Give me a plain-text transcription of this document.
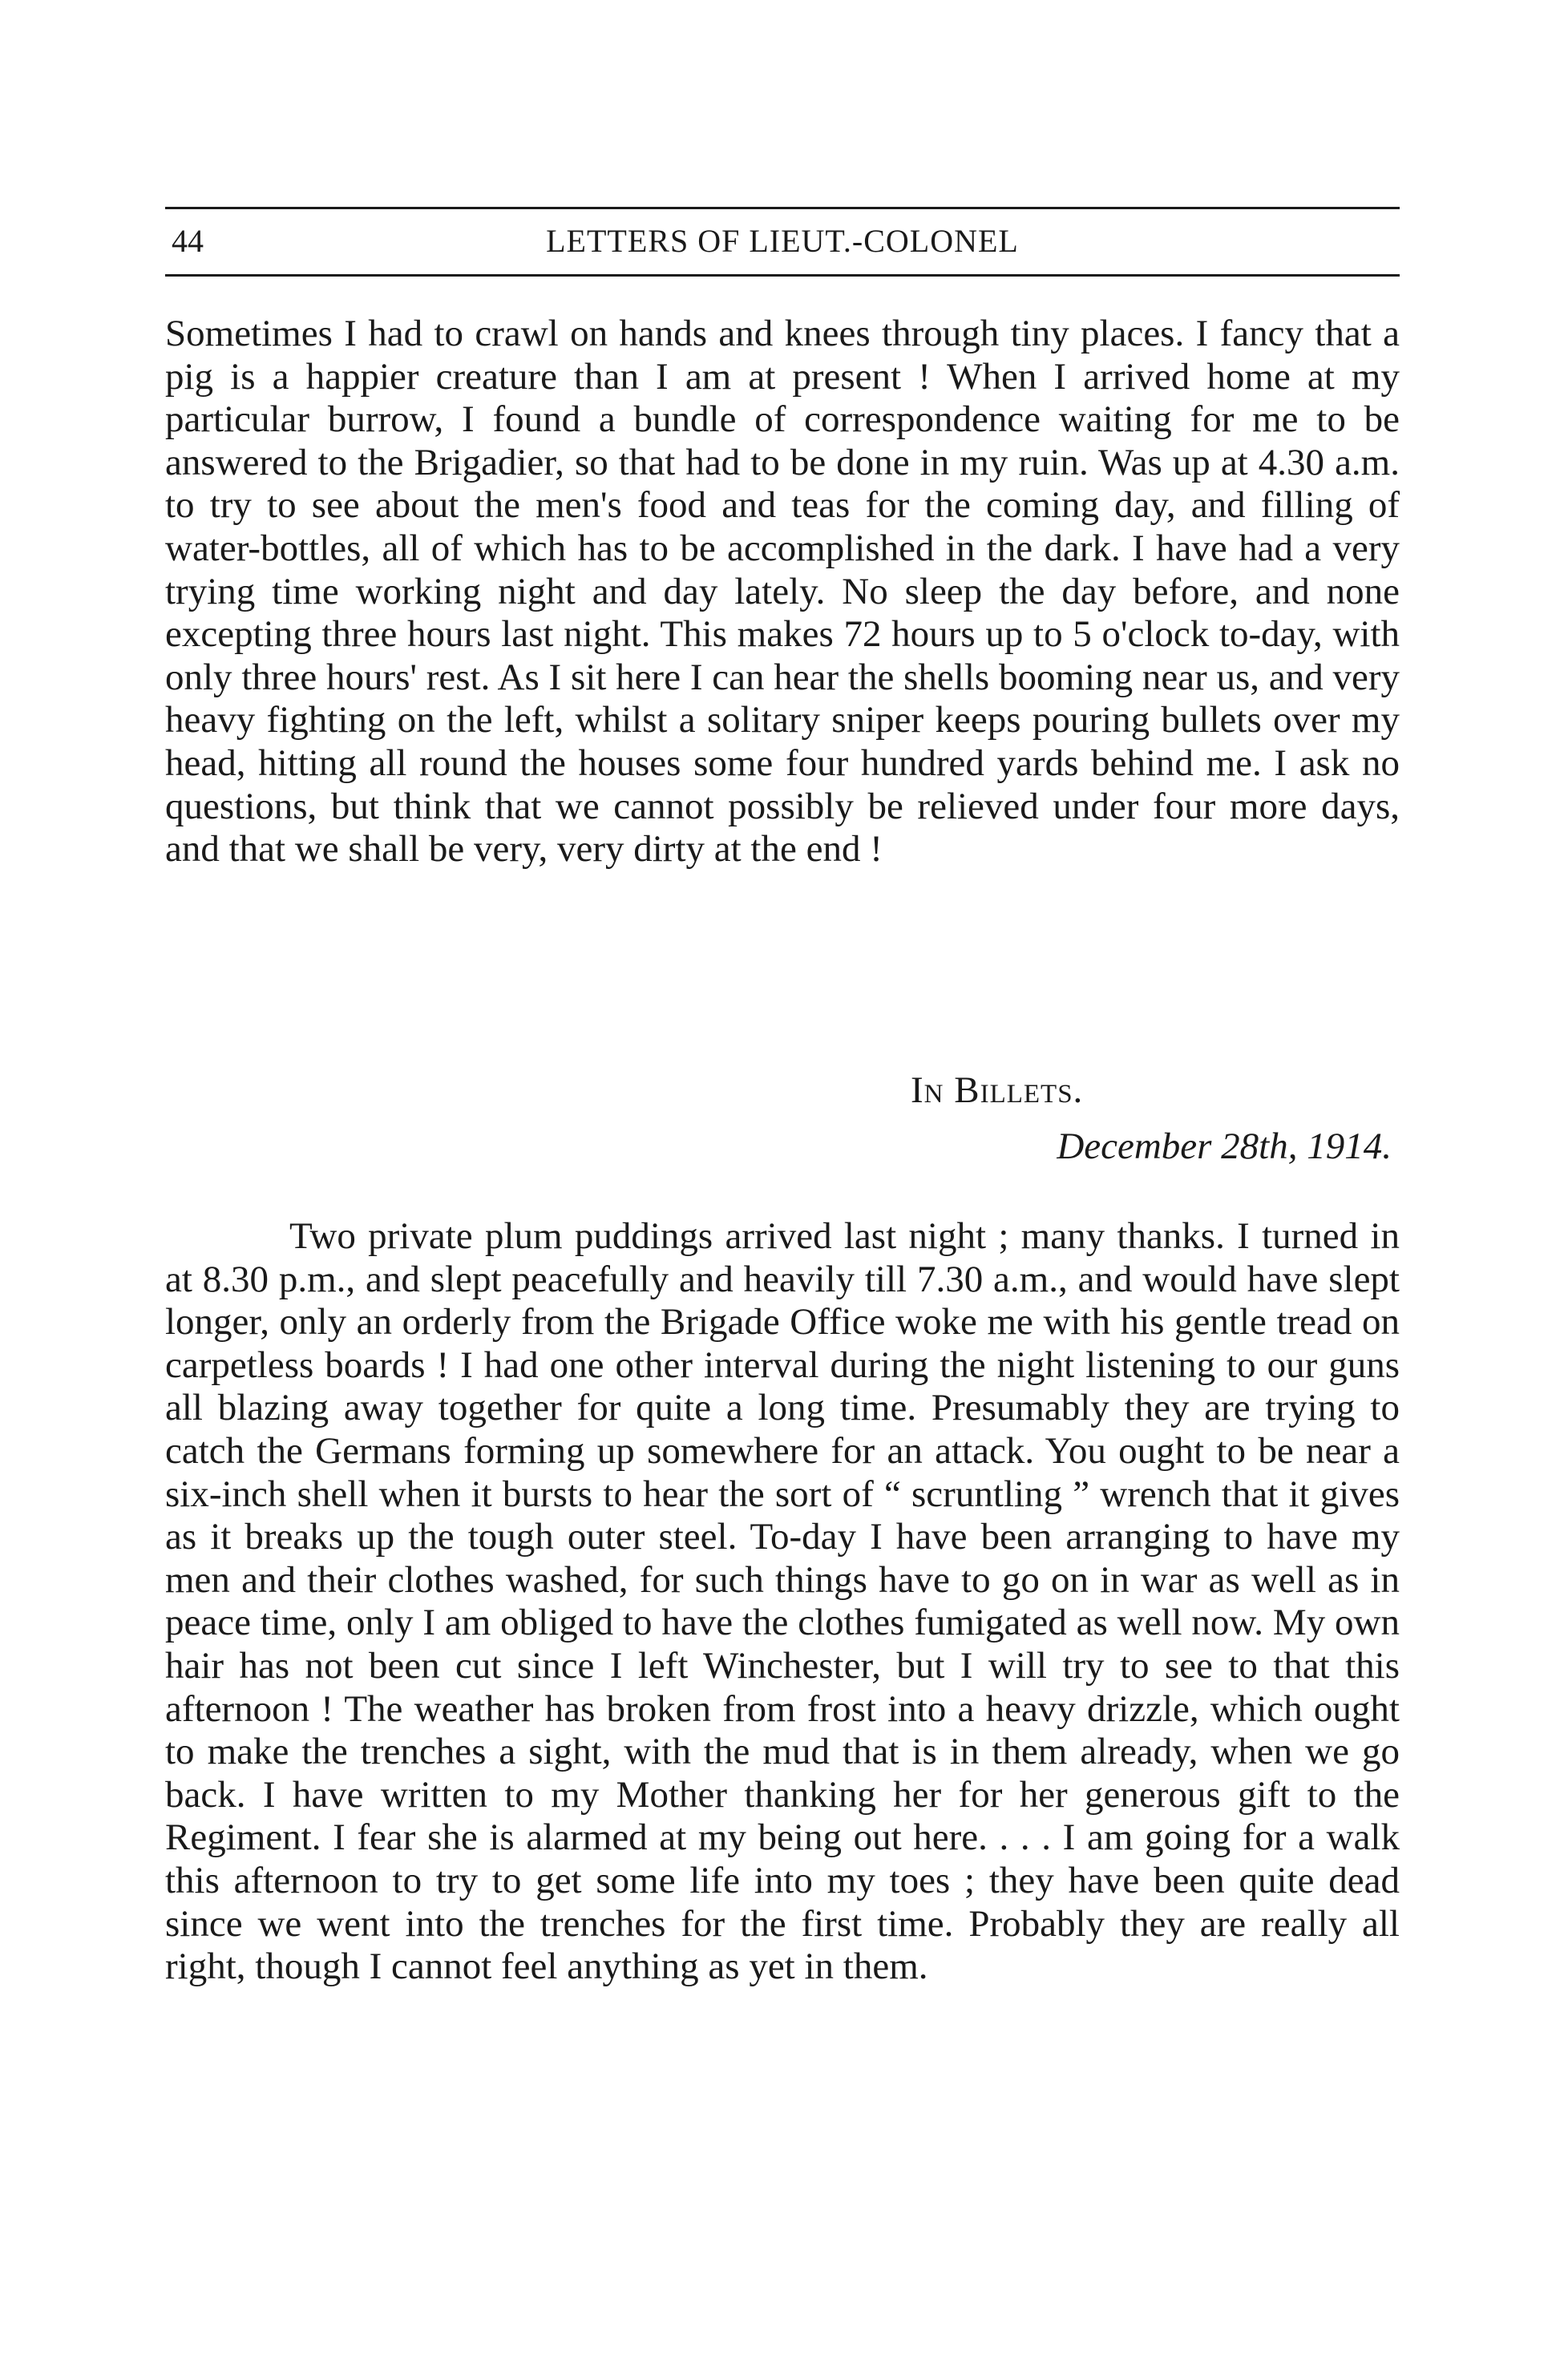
44	LETTERS OF LIEUT.-COLONEL

Sometimes I had to crawl on hands and knees through tiny places. I fancy that a pig is a happier creature than I am at present ! When I arrived home at my particular burrow, I found a bundle of correspondence waiting for me to be answered to the Brigadier, so that had to be done in my ruin. Was up at 4.30 a.m. to try to see about the men's food and teas for the coming day, and filling of water-bottles, all of which has to be accomplished in the dark. I have had a very trying time working night and day lately. No sleep the day before, and none excepting three hours last night. This makes 72 hours up to 5 o'clock to-day, with only three hours' rest. As I sit here I can hear the shells booming near us, and very heavy fighting on the left, whilst a solitary sniper keeps pouring bullets over my head, hitting all round the houses some four hundred yards behind me. I ask no questions, but think that we cannot possibly be relieved under four more days, and that we shall be very, very dirty at the end !

In Billets.

December 28th, 1914.

Two private plum puddings arrived last night ; many thanks. I turned in at 8.30 p.m., and slept peacefully and heavily till 7.30 a.m., and would have slept longer, only an orderly from the Brigade Office woke me with his gentle tread on carpetless boards ! I had one other interval during the night listening to our guns all blazing away together for quite a long time. Presumably they are trying to catch the Germans forming up somewhere for an attack. You ought to be near a six-inch shell when it bursts to hear the sort of “ scruntling ” wrench that it gives as it breaks up the tough outer steel. To-day I have been arranging to have my men and their clothes washed, for such things have to go on in war as well as in peace time, only I am obliged to have the clothes fumigated as well now. My own hair has not been cut since I left Winchester, but I will try to see to that this afternoon ! The weather has broken from frost into a heavy drizzle, which ought to make the trenches a sight, with the mud that is in them already, when we go back. I have written to my Mother thanking her for her generous gift to the Regiment. I fear she is alarmed at my being out here. . . . I am going for a walk this afternoon to try to get some life into my toes ; they have been quite dead since we went into the trenches for the first time. Probably they are really all right, though I cannot feel anything as yet in them.
